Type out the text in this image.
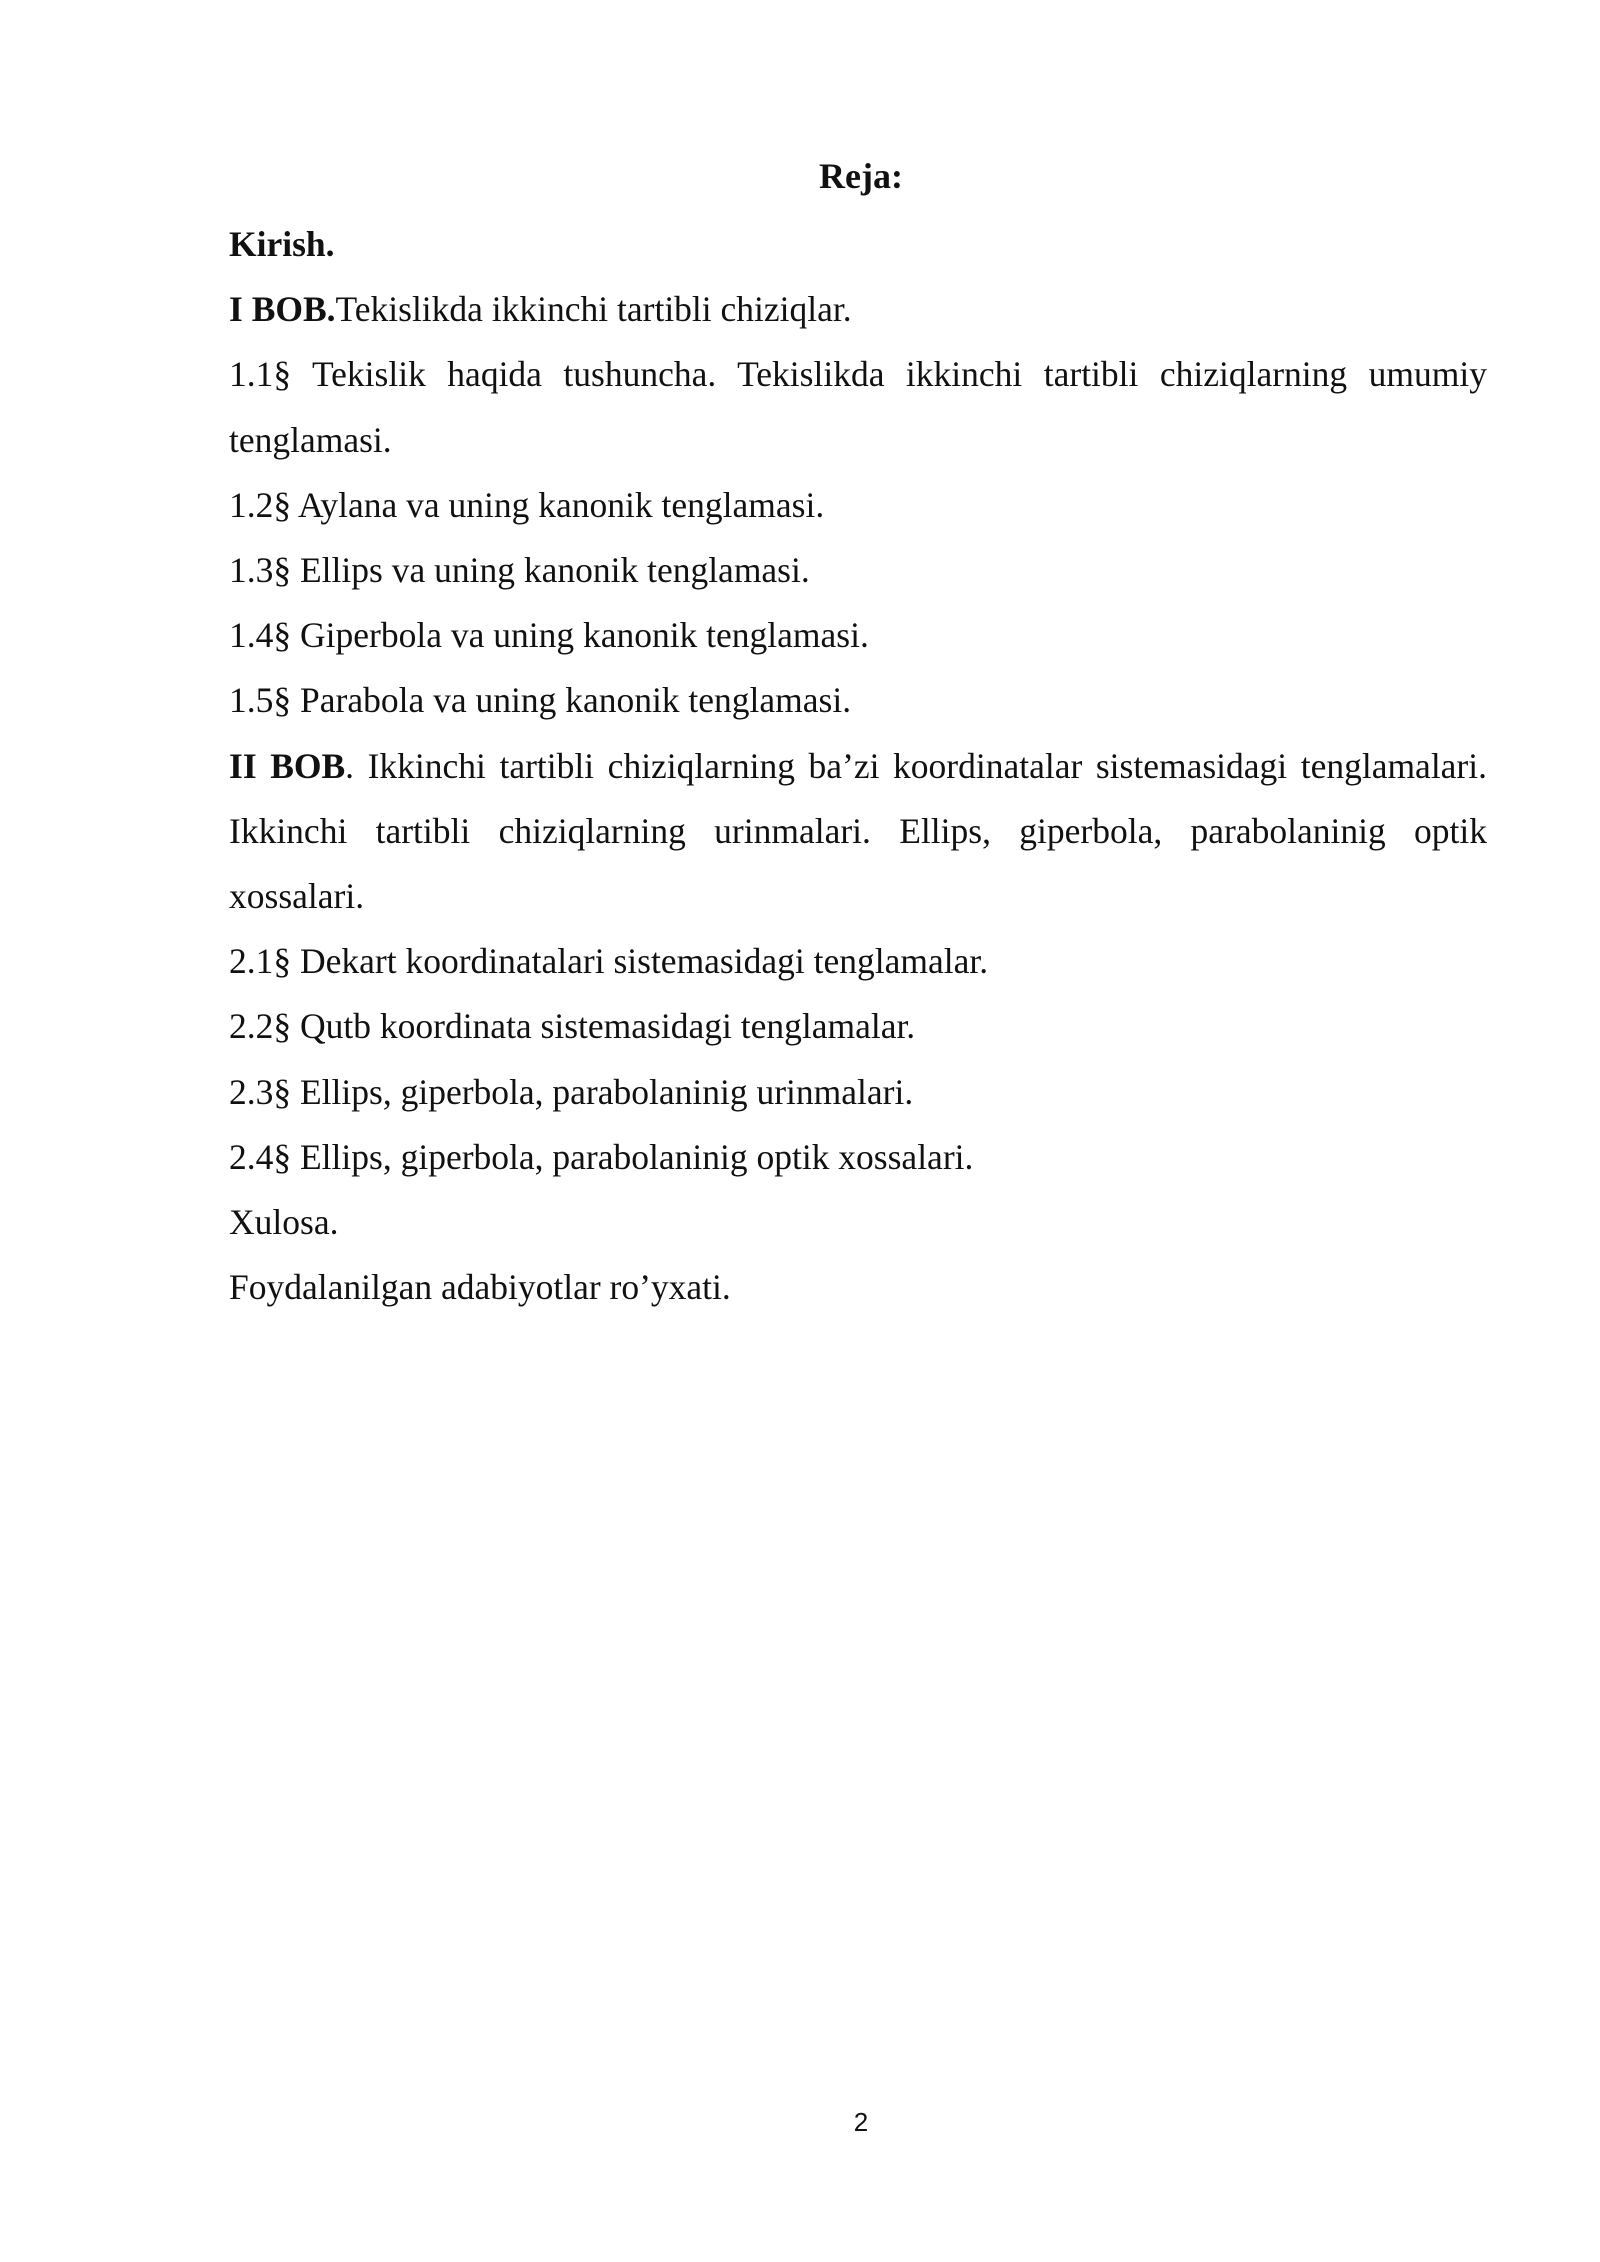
Reja:

Kirish.

I BOB.Tekislikda ikkinchi tartibli chiziqlar.

1.1§ Tekislik haqida tushuncha. Tekislikda ikkinchi tartibli chiziqlarning umumiy tenglamasi.

1.2§ Aylana va uning kanonik tenglamasi.

1.3§ Ellips va uning kanonik tenglamasi.

1.4§ Giperbola va uning kanonik tenglamasi.

1.5§ Parabola va uning kanonik tenglamasi.

II BOB. Ikkinchi tartibli chiziqlarning ba’zi koordinatalar sistemasidagi tenglamalari. Ikkinchi tartibli chiziqlarning urinmalari. Ellips, giperbola, parabolaninig optik xossalari.

2.1§ Dekart koordinatalari sistemasidagi tenglamalar.

2.2§ Qutb koordinata sistemasidagi tenglamalar.

2.3§ Ellips, giperbola, parabolaninig urinmalari.

2.4§ Ellips, giperbola, parabolaninig optik xossalari.

Xulosa.

Foydalanilgan adabiyotlar ro’yxati.

2
